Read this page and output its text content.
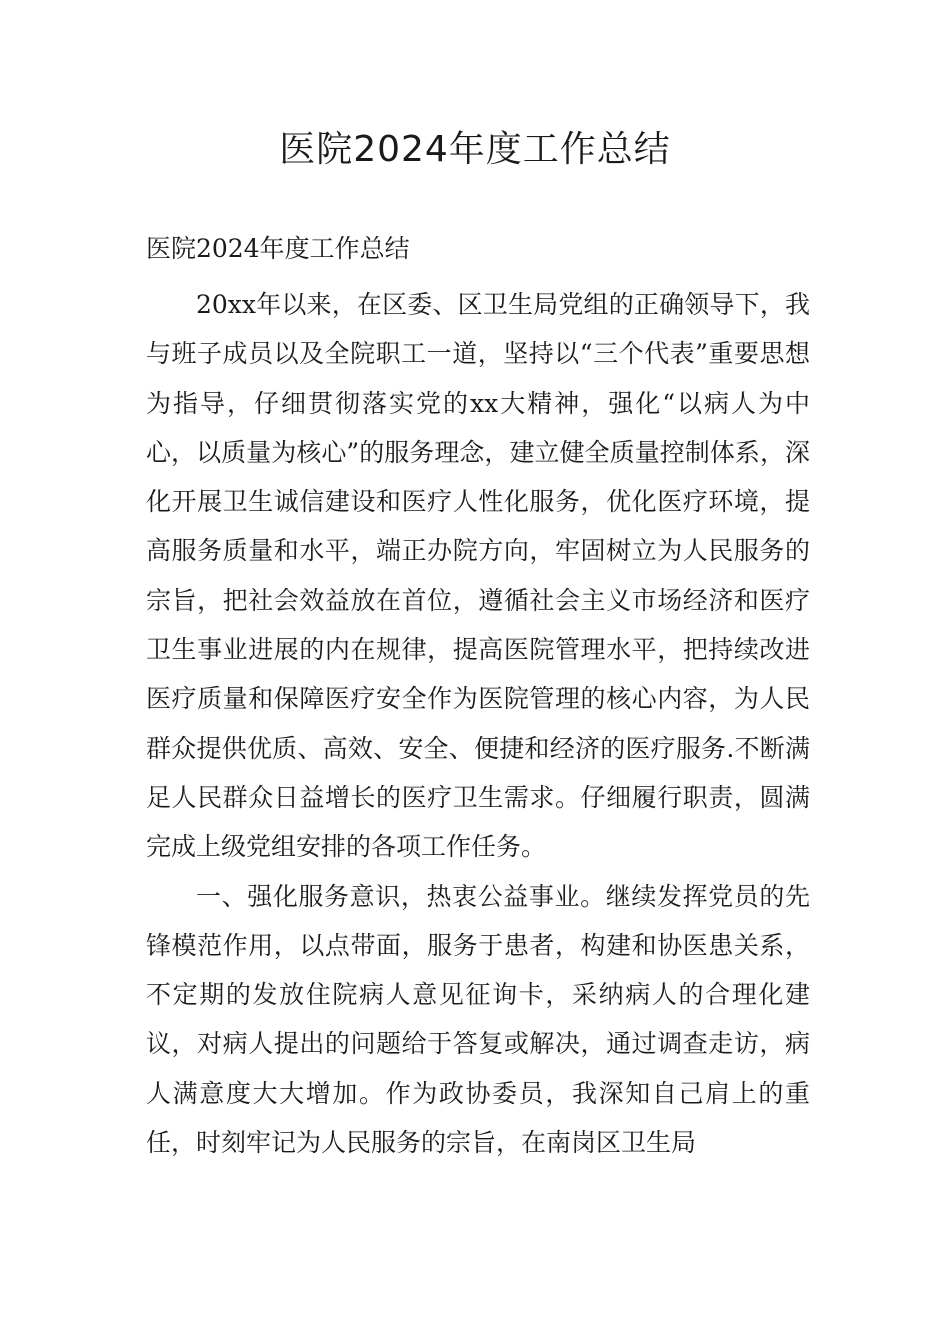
医院2024年度工作总结

医院2024年度工作总结

20xx年以来，在区委、区卫生局党组的正确领导下，我与班子成员以及全院职工一道，坚持以“三个代表”重要思想为指导，仔细贯彻落实党的xx大精神，强化“以病人为中心，以质量为核心”的服务理念，建立健全质量控制体系，深化开展卫生诚信建设和医疗人性化服务，优化医疗环境，提高服务质量和水平，端正办院方向，牢固树立为人民服务的宗旨，把社会效益放在首位，遵循社会主义市场经济和医疗卫生事业进展的内在规律，提高医院管理水平，把持续改进医疗质量和保障医疗安全作为医院管理的核心内容，为人民群众提供优质、高效、安全、便捷和经济的医疗服务.不断满足人民群众日益增长的医疗卫生需求。仔细履行职责，圆满完成上级党组安排的各项工作任务。

一、强化服务意识，热衷公益事业。继续发挥党员的先锋模范作用，以点带面，服务于患者，构建和协医患关系，不定期的发放住院病人意见征询卡，采纳病人的合理化建议，对病人提出的问题给于答复或解决，通过调查走访，病人满意度大大增加。作为政协委员，我深知自己肩上的重任，时刻牢记为人民服务的宗旨，在南岗区卫生局
